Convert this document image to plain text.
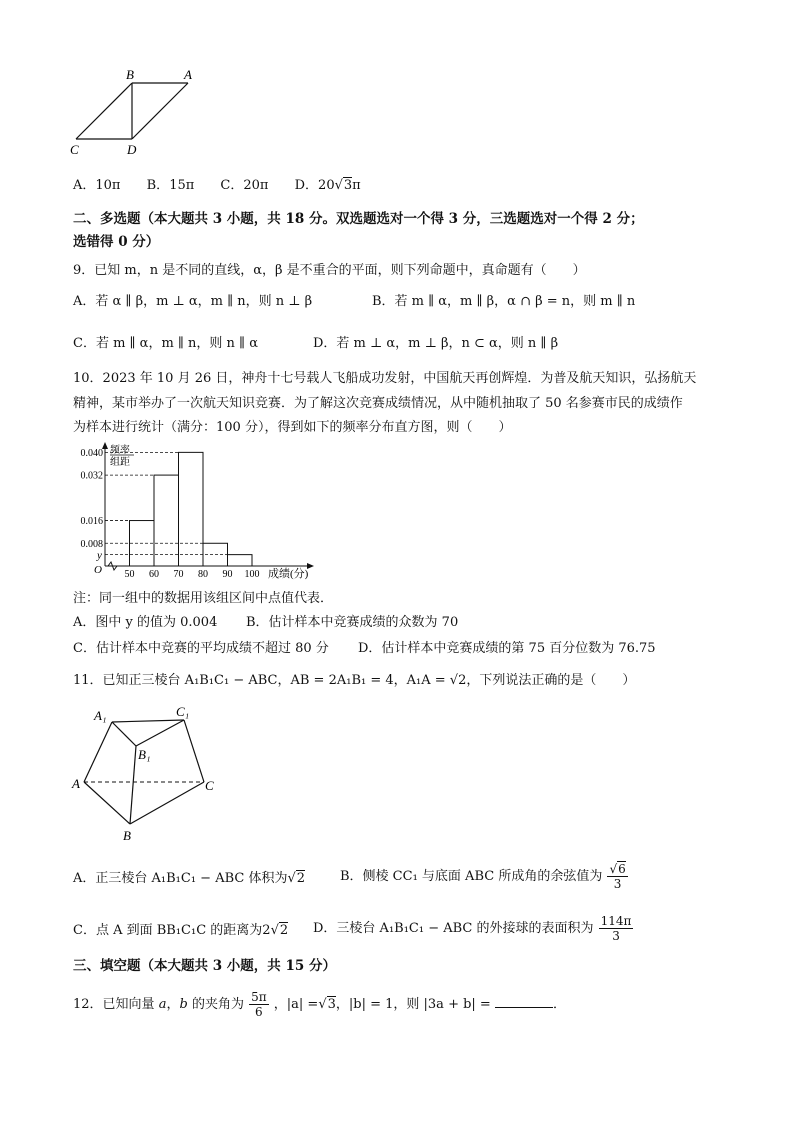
B	A
C	D
A．10π B．15π C．20π D．20√3π
二、多选题（本大题共 3 小题，共 18 分。双选题选对一个得 3 分，三选题选对一个得 2 分；
选错得 0 分）
9．已知 m，n 是不同的直线，α，β 是不重合的平面，则下列命题中，真命题有（　　）
A．若 α ∥ β，m ⊥ α，m ∥ n，则 n ⊥ β	B．若 m ∥ α，m ∥ β，α ∩ β = n，则 m ∥ n
C．若 m ∥ α，m ∥ n，则 n ∥ α	D．若 m ⊥ α，m ⊥ β，n ⊂ α，则 n ∥ β
10．2023 年 10 月 26 日，神舟十七号载人飞船成功发射，中国航天再创辉煌．为普及航天知识，弘扬航天
精神，某市举办了一次航天知识竞赛．为了解这次竞赛成绩情况，从中随机抽取了 50 名参赛市民的成绩作
为样本进行统计（满分：100 分），得到如下的频率分布直方图，则（　　）
0.040
0.032
0.016
0.008
y
50 60 70 80 90 100
频率
组距
O	成绩(分)
注：同一组中的数据用该组区间中点值代表．
A．图中 y 的值为 0.004 B．估计样本中竞赛成绩的众数为 70
C．估计样本中竞赛的平均成绩不超过 80 分 D．估计样本中竞赛成绩的第 75 百分位数为 76.75
11．已知正三棱台 A₁B₁C₁ − ABC，AB = 2A₁B₁ = 4，A₁A = √2，下列说法正确的是（　　）
A₁	C₁
B₁
A	C
B
A．正三棱台 A₁B₁C₁ − ABC 体积为√2	B．侧棱 CC₁ 与底面 ABC 所成角的余弦值为 $\frac{√6}{3}$
C．点 A 到面 BB₁C₁C 的距离为2√2 D．三棱台 A₁B₁C₁ − ABC 的外接球的表面积为 $\frac{114\pi}{3}$
三、填空题（本大题共 3 小题，共 15 分）
12．已知向量 a，b 的夹角为 $\frac{5\pi}{6}$ ，|a| =√3，|b| = 1，则 |3a + b| =	．
